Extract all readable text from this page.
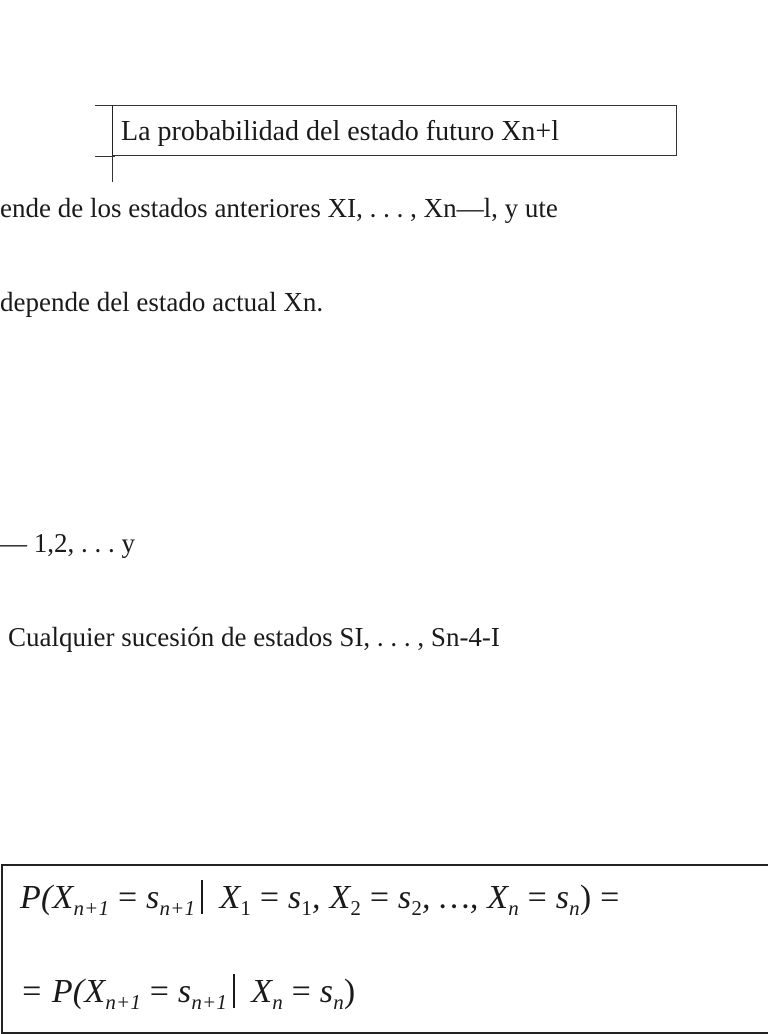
La probabilidad del estado futuro Xn+l
ende de los estados anteriores XI, . . . , Xn—l, y ute
depende del estado actual Xn.
— 1,2, . . . y
Cualquier sucesión de estados SI, . . . , Sn-4-I
$P(X_{n+1} = s_{n+1}$ $X_1 = s_1$, $X_2 = s_2$, …, $X_n = s_n$) =
= $P(X_{n+1} = s_{n+1}$ $X_n = s_n$)
